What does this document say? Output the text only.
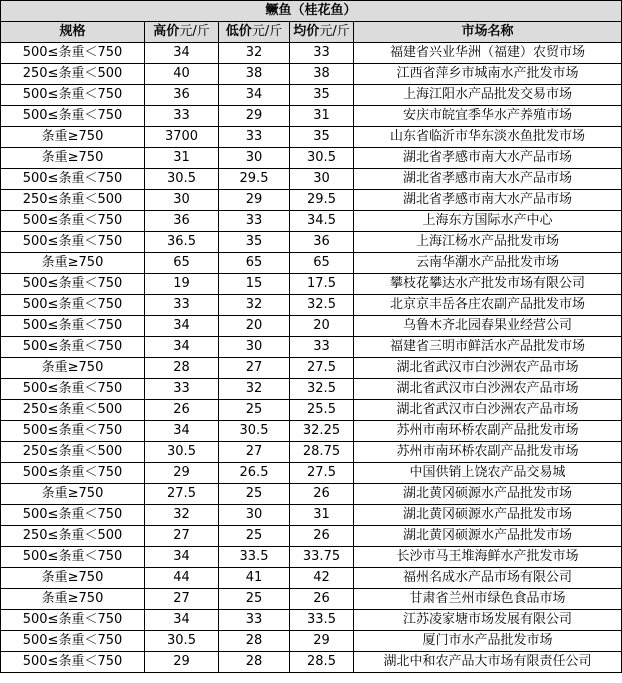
鳜鱼（桂花鱼）				
规格	高价元/斤	低价元/斤	均价元/斤	市场名称
500≤条重＜750	34	32	33	福建省兴业华洲（福建）农贸市场
250≤条重＜500	40	38	38	江西省萍乡市城南水产批发市场
500≤条重＜750	36	34	35	上海江阳水产品批发交易市场
500≤条重＜750	33	29	31	安庆市皖宜季华水产养殖市场
条重≥750	3700	33	35	山东省临沂市华东淡水鱼批发市场
条重≥750	31	30	30.5	湖北省孝感市南大水产品市场
500≤条重＜750	30.5	29.5	30	湖北省孝感市南大水产品市场
250≤条重＜500	30	29	29.5	湖北省孝感市南大水产品市场
500≤条重＜750	36	33	34.5	上海东方国际水产中心
500≤条重＜750	36.5	35	36	上海江杨水产品批发市场
条重≥750	65	65	65	云南华潮水产品批发市场
500≤条重＜750	19	15	17.5	攀枝花攀达水产批发市场有限公司
500≤条重＜750	33	32	32.5	北京京丰岳各庄农副产品批发市场
500≤条重＜750	34	20	20	乌鲁木齐北园春果业经营公司
500≤条重＜750	34	30	33	福建省三明市鲜活水产品批发市场
条重≥750	28	27	27.5	湖北省武汉市白沙洲农产品市场
500≤条重＜750	33	32	32.5	湖北省武汉市白沙洲农产品市场
250≤条重＜500	26	25	25.5	湖北省武汉市白沙洲农产品市场
500≤条重＜750	34	30.5	32.25	苏州市南环桥农副产品批发市场
250≤条重＜500	30.5	27	28.75	苏州市南环桥农副产品批发市场
500≤条重＜750	29	26.5	27.5	中国供销上饶农产品交易城
条重≥750	27.5	25	26	湖北黄冈硕源水产品批发市场
500≤条重＜750	32	30	31	湖北黄冈硕源水产品批发市场
250≤条重＜500	27	25	26	湖北黄冈硕源水产品批发市场
500≤条重＜750	34	33.5	33.75	长沙市马王堆海鲜水产批发市场
条重≥750	44	41	42	福州名成水产品市场有限公司
条重≥750	27	25	26	甘肃省兰州市绿色食品市场
500≤条重＜750	34	33	33.5	江苏凌家塘市场发展有限公司
500≤条重＜750	30.5	28	29	厦门市水产品批发市场
500≤条重＜750	29	28	28.5	湖北中和农产品大市场有限责任公司
